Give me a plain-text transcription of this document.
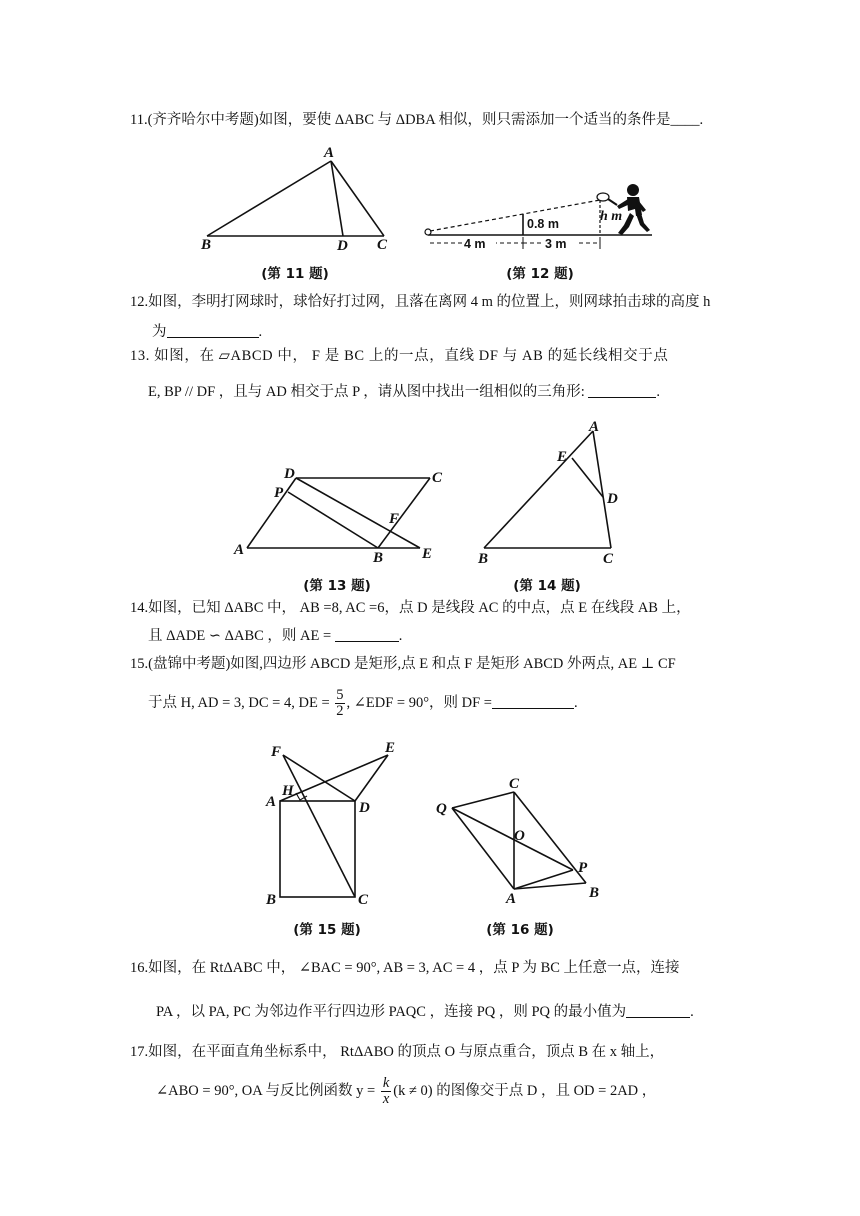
11.(齐齐哈尔中考题)如图，要使 ΔABC 与 ΔDBA 相似，则只需添加一个适当的条件是____.
A
B	D C	4 m	3 m
0.8 m	h m
(第 11 题)	(第 12 题)
12.如图，李明打网球时，球恰好打过网，且落在离网 4 m 的位置上，则网球拍击球的高度 h
为	.
13. 如图，在 ▱ABCD 中， F 是 BC 上的一点，直线 DF 与 AB 的延长线相交于点
E, BP // DF ，且与 AD 相交于点 P ，请从图中找出一组相似的三角形:	.
D	C
P
F
A	B	E
A
E
D
B	C
(第 13 题)	(第 14 题)
14.如图，已知 ΔABC 中， AB =8, AC =6，点 D 是线段 AC 的中点，点 E 在线段 AB 上，
且 ΔADE ∽ ΔABC ，则 AE =	.
15.(盘锦中考题)如图,四边形 ABCD 是矩形,点 E 和点 F 是矩形 ABCD 外两点, AE ⊥ CF
于点 H, AD = 3, DC = 4, DE = $\frac{5}{2}$ , ∠EDF = 90°，则 DF =	.
F	E
A
H
D
B	C
C
Q
O
P
A	B
(第 15 题)	(第 16 题)
16.如图，在 RtΔABC 中， ∠BAC = 90°, AB = 3, AC = 4 ，点 P 为 BC 上任意一点，连接
PA ，以 PA, PC 为邻边作平行四边形 PAQC ，连接 PQ ，则 PQ 的最小值为	.
17.如图，在平面直角坐标系中， RtΔABO 的顶点 O 与原点重合，顶点 B 在 x 轴上，
∠ABO = 90°, OA 与反比例函数 $y = \frac{k}{x} (k \ne 0)$ 的图像交于点 D ，且 OD = 2AD ，
